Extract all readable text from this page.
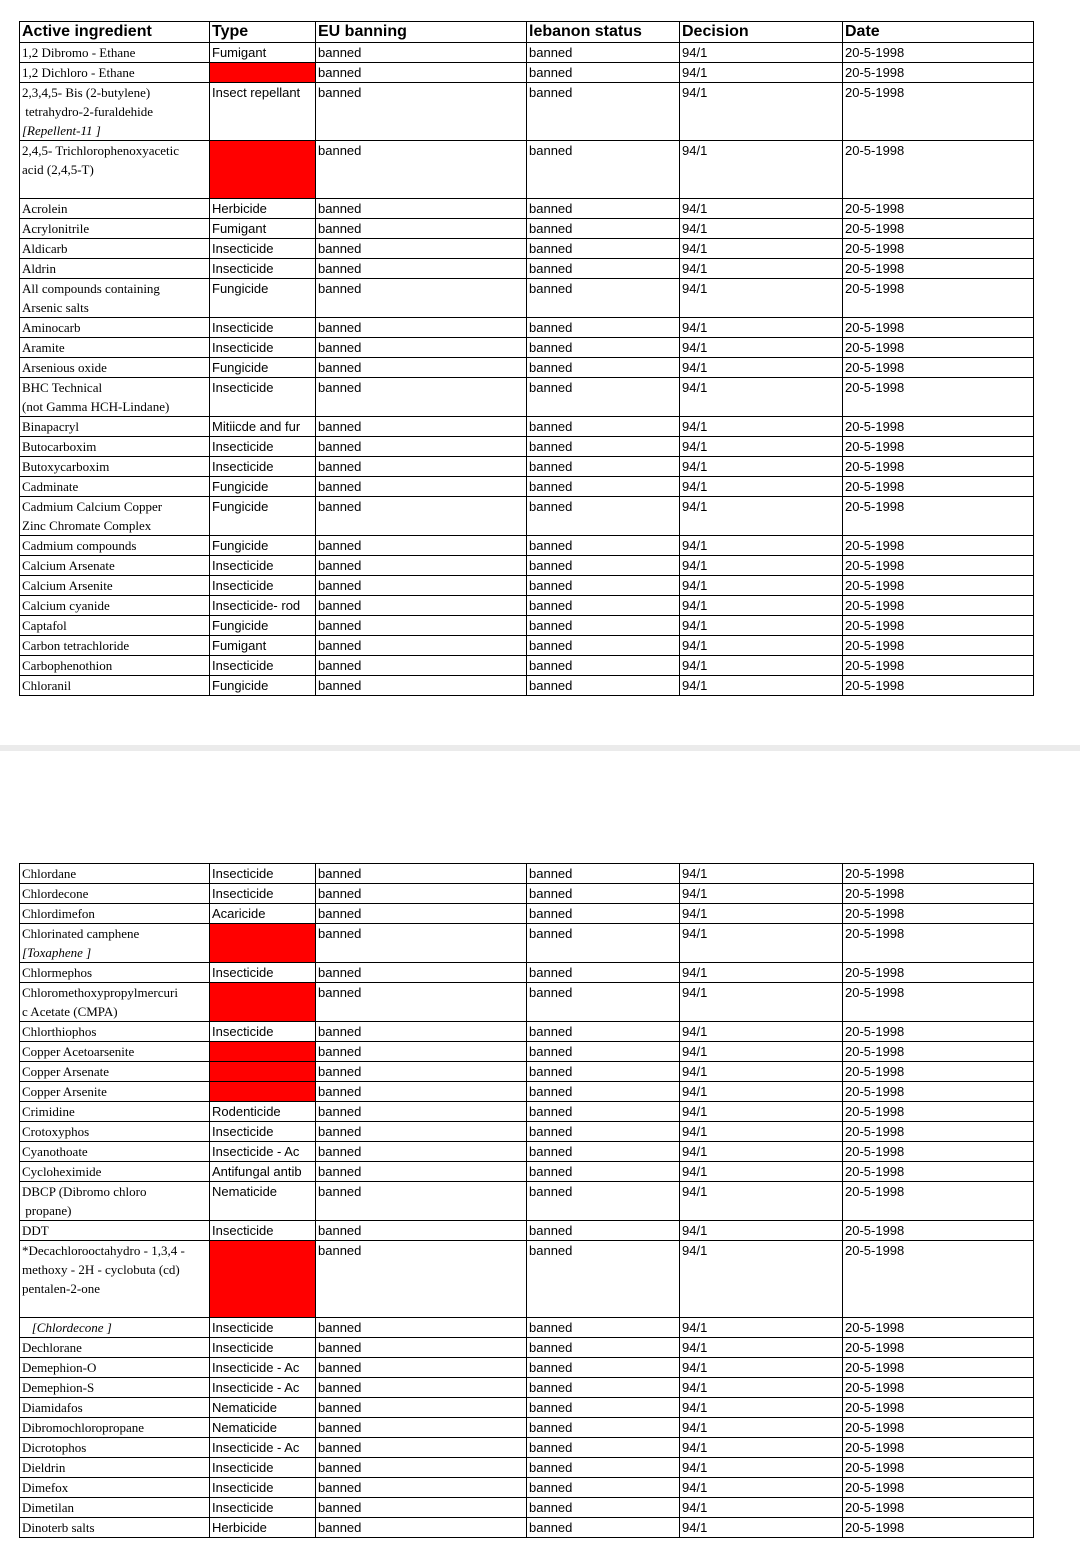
Active ingredient	Type	EU banning	lebanon status	Decision	Date

1,2 Dibromo - Ethane	Fumigant	banned	banned	94/1	20-5-1998

1,2 Dichloro - Ethane		banned	banned	94/1	20-5-1998

2,3,4,5- Bis (2-butylene)
tetrahydro-2-furaldehide
[Repellent-11 ]	Insect repellant	banned	banned	94/1	20-5-1998

2,4,5- Trichlorophenoxyacetic
acid (2,4,5-T)		banned	banned	94/1	20-5-1998

Acrolein	Herbicide	banned	banned	94/1	20-5-1998

Acrylonitrile	Fumigant	banned	banned	94/1	20-5-1998

Aldicarb	Insecticide	banned	banned	94/1	20-5-1998

Aldrin	Insecticide	banned	banned	94/1	20-5-1998

All compounds containing
Arsenic salts	Fungicide	banned	banned	94/1	20-5-1998

Aminocarb	Insecticide	banned	banned	94/1	20-5-1998

Aramite	Insecticide	banned	banned	94/1	20-5-1998

Arsenious oxide	Fungicide	banned	banned	94/1	20-5-1998

BHC Technical
(not Gamma HCH-Lindane)	Insecticide	banned	banned	94/1	20-5-1998

Binapacryl	Mitiicde and fur	banned	banned	94/1	20-5-1998

Butocarboxim	Insecticide	banned	banned	94/1	20-5-1998

Butoxycarboxim	Insecticide	banned	banned	94/1	20-5-1998

Cadminate	Fungicide	banned	banned	94/1	20-5-1998

Cadmium Calcium Copper
Zinc Chromate Complex	Fungicide	banned	banned	94/1	20-5-1998

Cadmium compounds	Fungicide	banned	banned	94/1	20-5-1998

Calcium Arsenate	Insecticide	banned	banned	94/1	20-5-1998

Calcium Arsenite	Insecticide	banned	banned	94/1	20-5-1998

Calcium cyanide	Insecticide- rod	banned	banned	94/1	20-5-1998

Captafol	Fungicide	banned	banned	94/1	20-5-1998

Carbon tetrachloride	Fumigant	banned	banned	94/1	20-5-1998

Carbophenothion	Insecticide	banned	banned	94/1	20-5-1998

Chloranil	Fungicide	banned	banned	94/1	20-5-1998
Chlordane	Insecticide	banned	banned	94/1	20-5-1998

Chlordecone	Insecticide	banned	banned	94/1	20-5-1998

Chlordimefon	Acaricide	banned	banned	94/1	20-5-1998

Chlorinated camphene
[Toxaphene ]		banned	banned	94/1	20-5-1998

Chlormephos	Insecticide	banned	banned	94/1	20-5-1998

Chloromethoxypropylmercuri
c Acetate (CMPA)		banned	banned	94/1	20-5-1998

Chlorthiophos	Insecticide	banned	banned	94/1	20-5-1998

Copper Acetoarsenite		banned	banned	94/1	20-5-1998

Copper Arsenate		banned	banned	94/1	20-5-1998

Copper Arsenite		banned	banned	94/1	20-5-1998

Crimidine	Rodenticide	banned	banned	94/1	20-5-1998

Crotoxyphos	Insecticide	banned	banned	94/1	20-5-1998

Cyanothoate	Insecticide - Ac	banned	banned	94/1	20-5-1998

Cycloheximide	Antifungal antib	banned	banned	94/1	20-5-1998

DBCP (Dibromo chloro
propane)	Nematicide	banned	banned	94/1	20-5-1998

DDT	Insecticide	banned	banned	94/1	20-5-1998

*Decachlorooctahydro - 1,3,4 -
methoxy - 2H - cyclobuta (cd)
pentalen-2-one		banned	banned	94/1	20-5-1998

[Chlordecone ]	Insecticide	banned	banned	94/1	20-5-1998

Dechlorane	Insecticide	banned	banned	94/1	20-5-1998

Demephion-O	Insecticide - Ac	banned	banned	94/1	20-5-1998

Demephion-S	Insecticide - Ac	banned	banned	94/1	20-5-1998

Diamidafos	Nematicide	banned	banned	94/1	20-5-1998

Dibromochloropropane	Nematicide	banned	banned	94/1	20-5-1998

Dicrotophos	Insecticide - Ac	banned	banned	94/1	20-5-1998

Dieldrin	Insecticide	banned	banned	94/1	20-5-1998

Dimefox	Insecticide	banned	banned	94/1	20-5-1998

Dimetilan	Insecticide	banned	banned	94/1	20-5-1998

Dinoterb salts	Herbicide	banned	banned	94/1	20-5-1998
